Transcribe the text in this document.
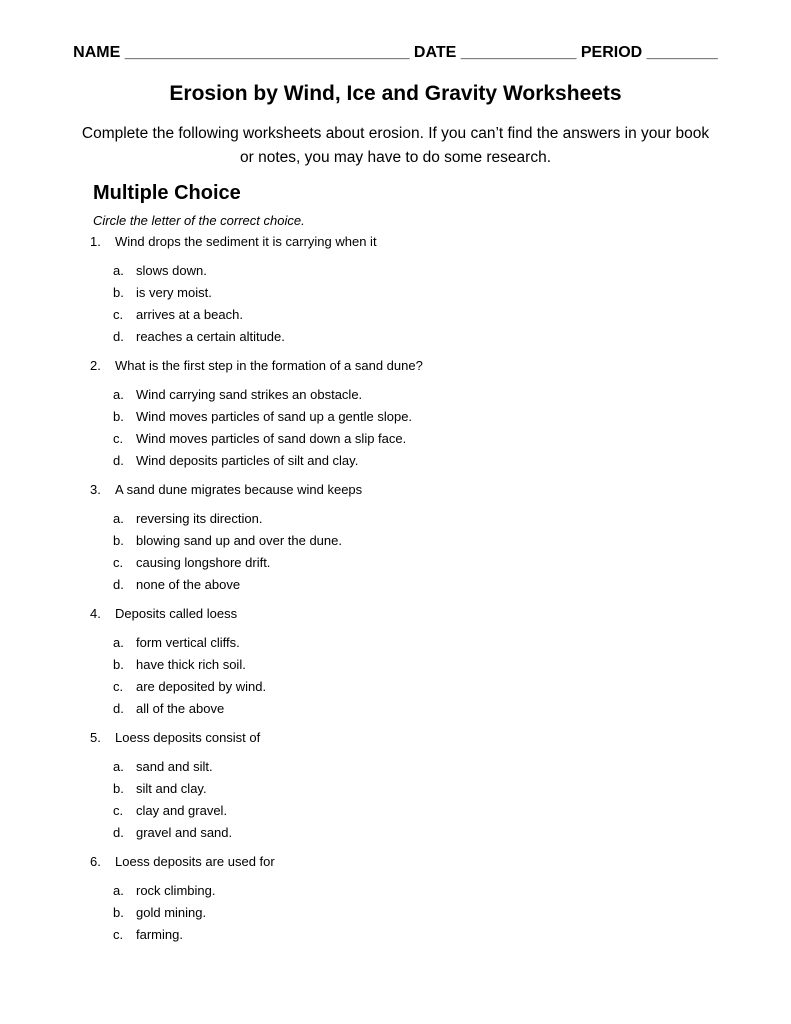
NAME ________________________________ DATE _____________ PERIOD ________
Erosion by Wind, Ice and Gravity Worksheets
Complete the following worksheets about erosion. If you can’t find the answers in your book or notes, you may have to do some research.
Multiple Choice
Circle the letter of the correct choice.
1. Wind drops the sediment it is carrying when it
a. slows down.
b. is very moist.
c. arrives at a beach.
d. reaches a certain altitude.
2. What is the first step in the formation of a sand dune?
a. Wind carrying sand strikes an obstacle.
b. Wind moves particles of sand up a gentle slope.
c. Wind moves particles of sand down a slip face.
d. Wind deposits particles of silt and clay.
3. A sand dune migrates because wind keeps
a. reversing its direction.
b. blowing sand up and over the dune.
c. causing longshore drift.
d. none of the above
4. Deposits called loess
a. form vertical cliffs.
b. have thick rich soil.
c. are deposited by wind.
d. all of the above
5. Loess deposits consist of
a. sand and silt.
b. silt and clay.
c. clay and gravel.
d. gravel and sand.
6. Loess deposits are used for
a. rock climbing.
b. gold mining.
c. farming.
